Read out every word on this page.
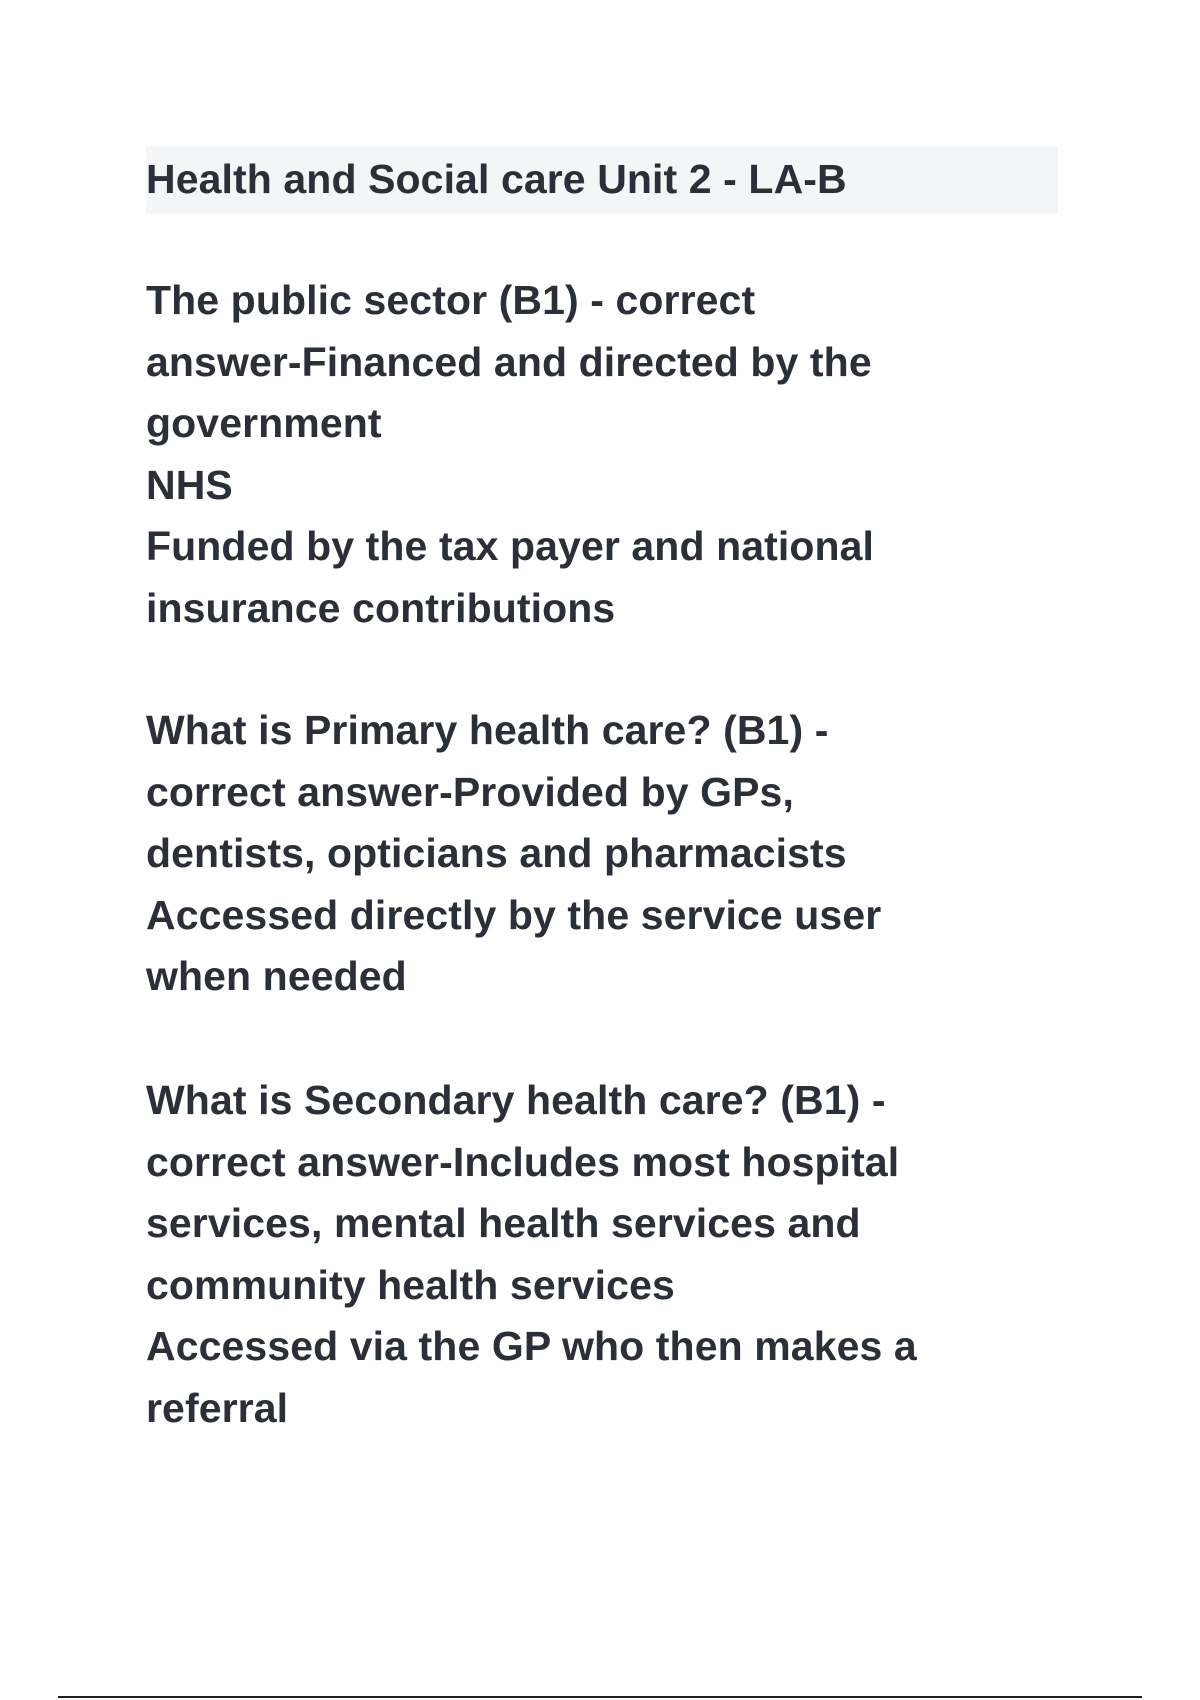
Health and Social care Unit 2 - LA-B
The public sector (B1) - correct
answer-Financed and directed by the
government
NHS
Funded by the tax payer and national
insurance contributions
What is Primary health care? (B1) -
correct answer-Provided by GPs,
dentists, opticians and pharmacists
Accessed directly by the service user
when needed
What is Secondary health care? (B1) -
correct answer-Includes most hospital
services, mental health services and
community health services
Accessed via the GP who then makes a
referral
